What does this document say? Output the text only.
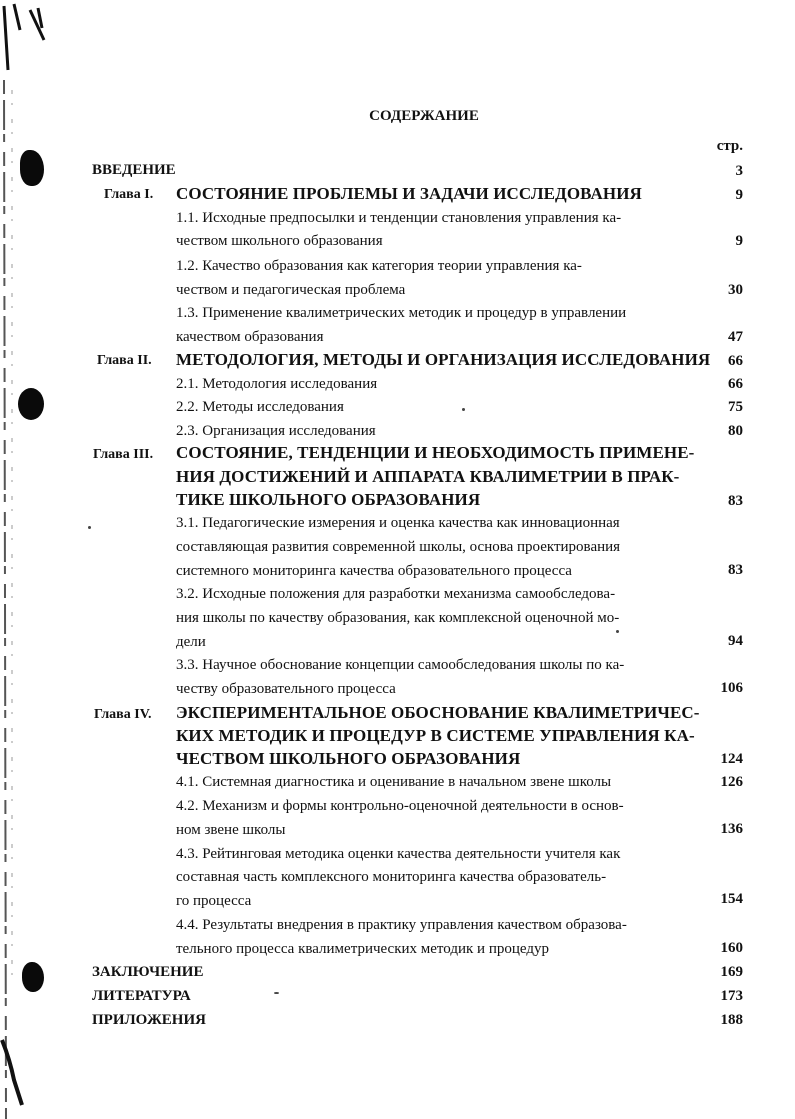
СОДЕРЖАНИЕ
стр.
ВВЕДЕНИЕ	3
Глава I. СОСТОЯНИЕ ПРОБЛЕМЫ И ЗАДАЧИ ИССЛЕДОВАНИЯ	9
1.1. Исходные предпосылки и тенденции становления управления ка-
чеством школьного образования	9
1.2. Качество образования как категория теории управления ка-
чеством и педагогическая проблема	30
1.3. Применение квалиметрических методик и процедур в управлении
качеством образования	47
Глава II. МЕТОДОЛОГИЯ, МЕТОДЫ И ОРГАНИЗАЦИЯ ИССЛЕДОВАНИЯ 66
2.1. Методология исследования	66
2.2. Методы исследования	75
2.3. Организация исследования	80
Глава III. СОСТОЯНИЕ, ТЕНДЕНЦИИ И НЕОБХОДИМОСТЬ ПРИМЕНЕ-
НИЯ ДОСТИЖЕНИЙ И АППАРАТА КВАЛИМЕТРИИ В ПРАК-
ТИКЕ ШКОЛЬНОГО ОБРАЗОВАНИЯ	83
3.1. Педагогические измерения и оценка качества как инновационная
составляющая развития современной школы, основа проектирования
системного мониторинга качества образовательного процесса	83
3.2. Исходные положения для разработки механизма самообследова-
ния школы по качеству образования, как комплексной оценочной мо-
дели	94
3.3. Научное обоснование концепции самообследования школы по ка-
честву образовательного процесса	106
Глава IV. ЭКСПЕРИМЕНТАЛЬНОЕ ОБОСНОВАНИЕ КВАЛИМЕТРИЧЕС-
КИХ МЕТОДИК И ПРОЦЕДУР В СИСТЕМЕ УПРАВЛЕНИЯ КА-
ЧЕСТВОМ ШКОЛЬНОГО ОБРАЗОВАНИЯ	124
4.1. Системная диагностика и оценивание в начальном звене школы	126
4.2. Механизм и формы контрольно-оценочной деятельности в основ-
ном звене школы	136
4.3. Рейтинговая методика оценки качества деятельности учителя как
составная часть комплексного мониторинга качества образователь-
го процесса	154
4.4. Результаты внедрения в практику управления качеством образова-
тельного процесса квалиметрических методик и процедур	160
ЗАКЛЮЧЕНИЕ	169
ЛИТЕРАТУРА	173
ПРИЛОЖЕНИЯ	188
